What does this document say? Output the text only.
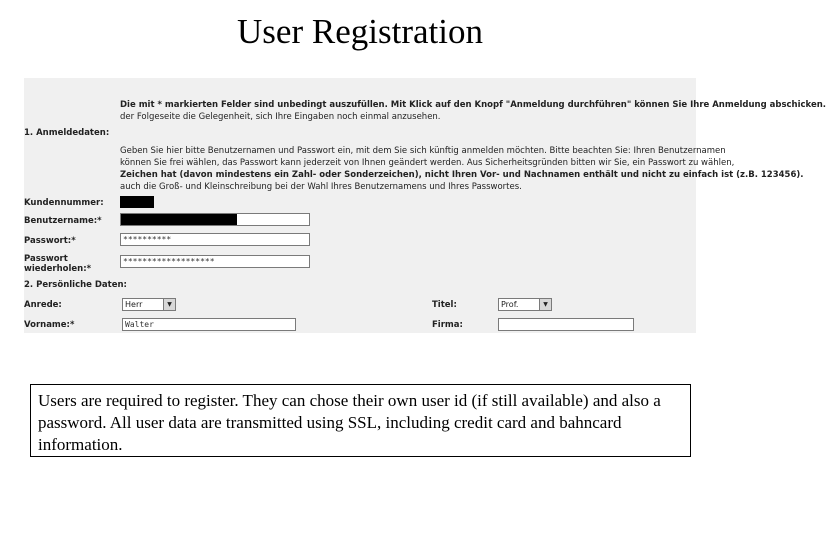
User Registration
Die mit * markierten Felder sind unbedingt auszufüllen. Mit Klick auf den Knopf "Anmeldung durchführen" können Sie Ihre Anmeldung abschicken.
der Folgeseite die Gelegenheit, sich Ihre Eingaben noch einmal anzusehen.
1. Anmeldedaten:
Geben Sie hier bitte Benutzernamen und Passwort ein, mit dem Sie sich künftig anmelden möchten. Bitte beachten Sie: Ihren Benutzernamen
können Sie frei wählen, das Passwort kann jederzeit von Ihnen geändert werden. Aus Sicherheitsgründen bitten wir Sie, ein Passwort zu wählen,
Zeichen hat (davon mindestens ein Zahl- oder Sonderzeichen), nicht Ihren Vor- und Nachnamen enthält und nicht zu einfach ist (z.B. 123456).
auch die Groß- und Kleinschreibung bei der Wahl Ihres Benutzernamens und Ihres Passwortes.
Kundennummer:
Benutzername:*
Passwort:*	**********
Passwort
wiederholen:*
*******************
2. Persönliche Daten:
Anrede:	Herr	▼	Titel:	Prof.	▼
Vorname:*	Walter	Firma:
Users are required to register. They can chose their own user id (if still available) and also a password. All user data are transmitted using SSL, including credit card and bahncard information.
